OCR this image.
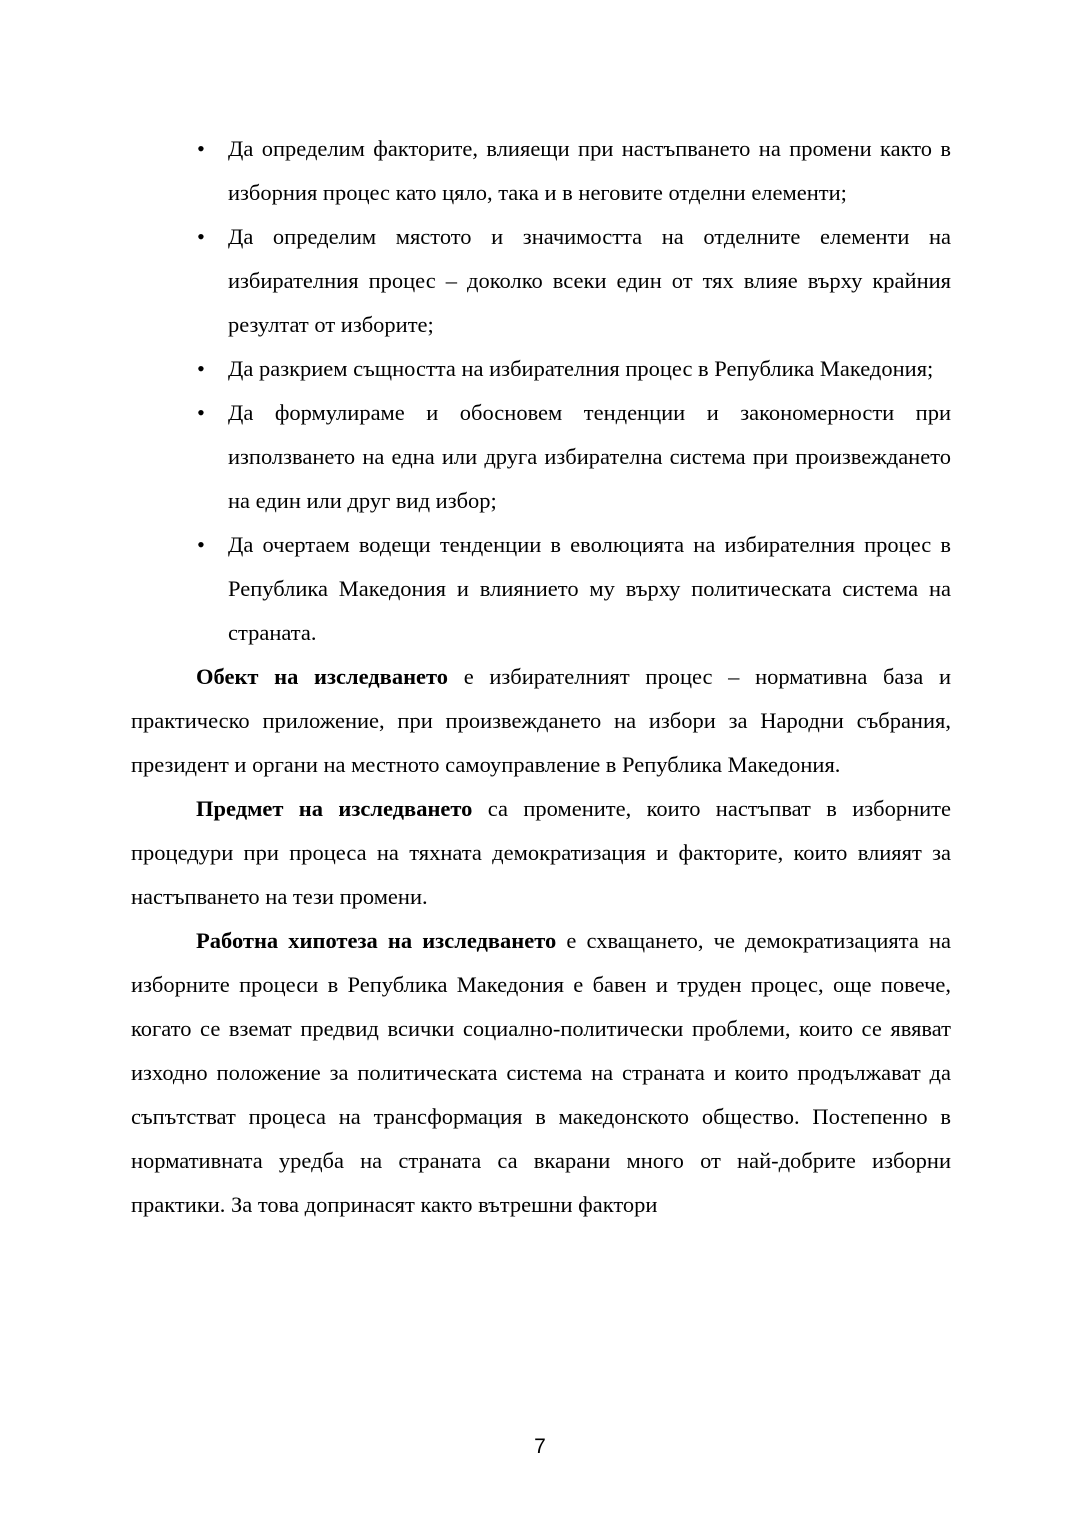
•	Да определим факторите, влияещи при настъпването на промени както в изборния процес като цяло, така и в неговите отделни елементи;
•	Да определим мястото и значимостта на отделните елементи на избирателния процес – доколко всеки един от тях влияе върху крайния резултат от изборите;
•	Да разкрием същността на избирателния процес в Република Македония;
•	Да формулираме и обосновем тенденции и закономерности при използването на една или друга избирателна система при произвеждането на един или друг вид избор;
•	Да очертаем водещи тенденции в еволюцията на избирателния процес в Република Македония и влиянието му върху политическата система на страната.

Обект на изследването е избирателният процес – нормативна база и практическо приложение, при произвеждането на избори за Народни събрания, президент и органи на местното самоуправление в Република Македония.

Предмет на изследването са промените, които настъпват в изборните процедури при процеса на тяхната демократизация и факторите, които влияят за настъпването на тези промени.

Работна хипотеза на изследването е схващането, че демократизацията на изборните процеси в Република Македония е бавен и труден процес, още повече, когато се вземат предвид всички социално-политически проблеми, които се явяват изходно положение за политическата система на страната и които продължават да съпътстват процеса на трансформация в македонското общество. Постепенно в нормативната уредба на страната са вкарани много от най-добрите изборни практики. За това допринасят както вътрешни фактори

7
